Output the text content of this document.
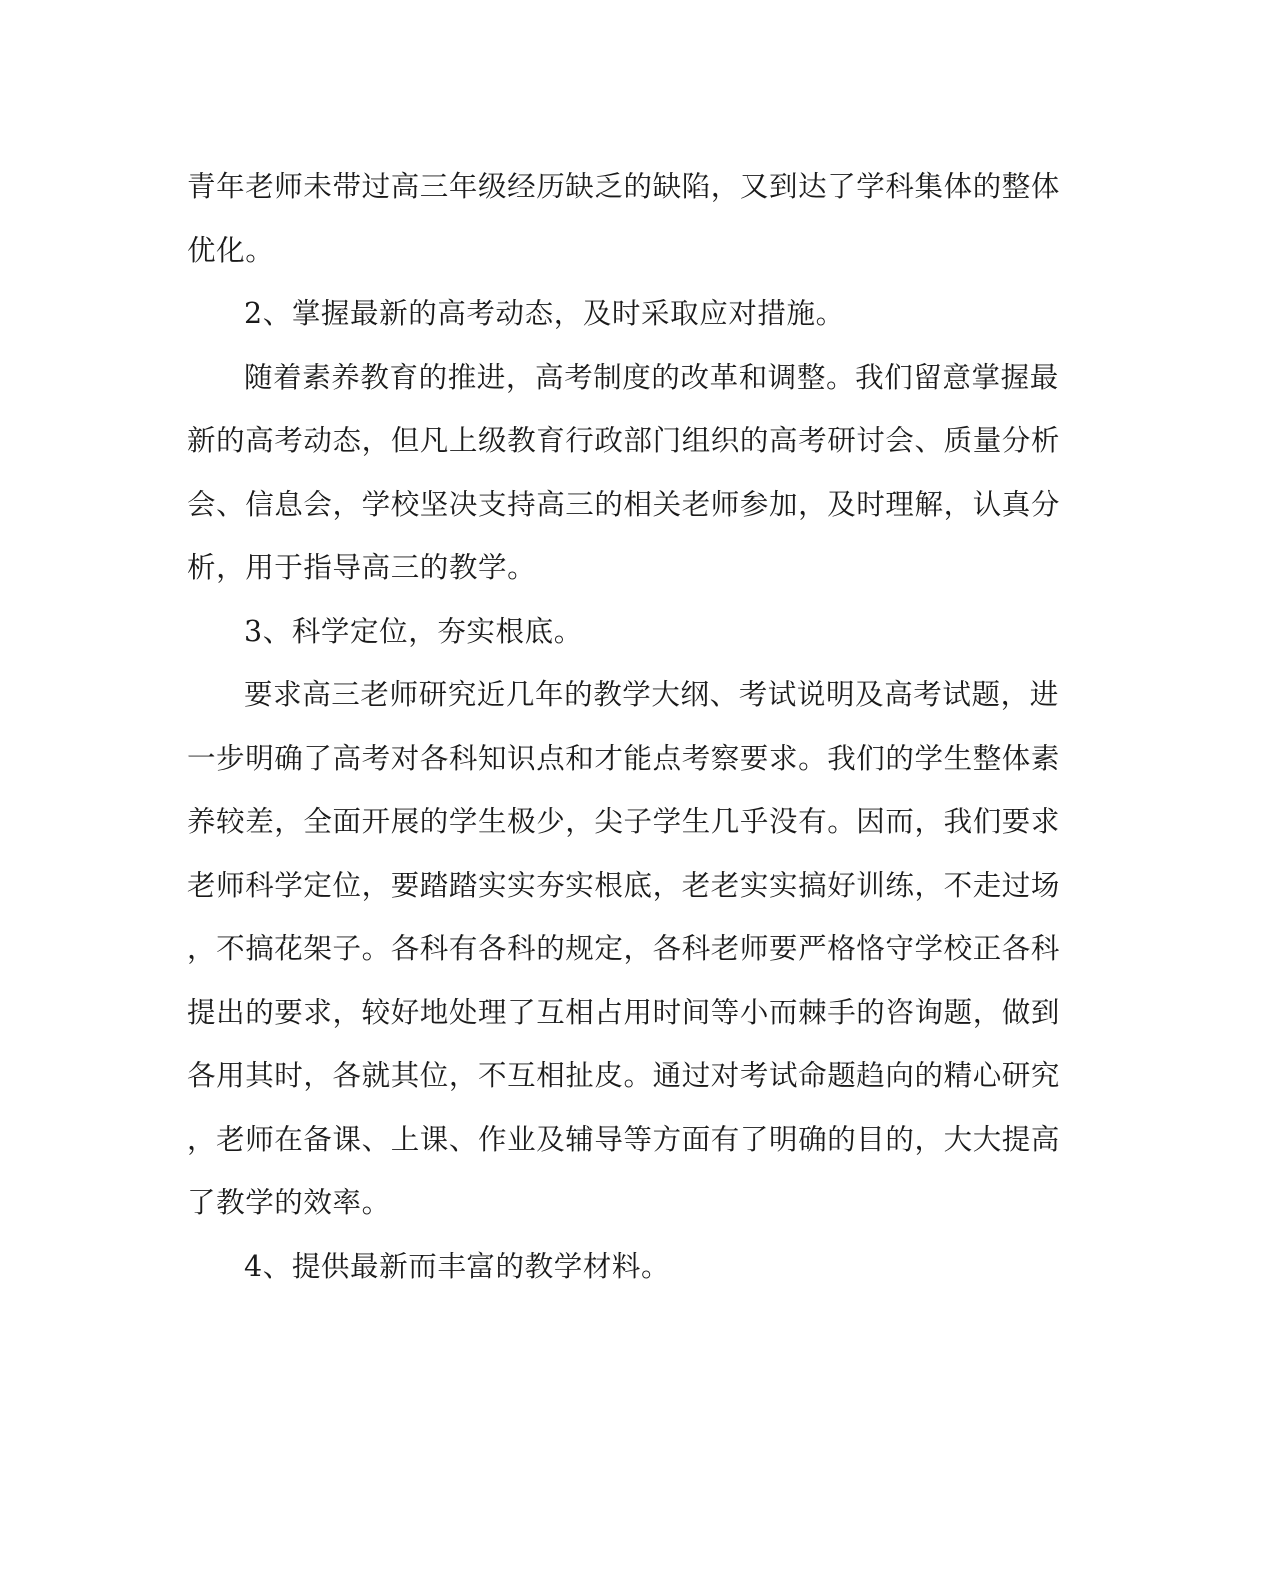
青年老师未带过高三年级经历缺乏的缺陷，又到达了学科集体的整体
优化。
2、掌握最新的高考动态，及时采取应对措施。
随着素养教育的推进，高考制度的改革和调整。我们留意掌握最
新的高考动态，但凡上级教育行政部门组织的高考研讨会、质量分析
会、信息会，学校坚决支持高三的相关老师参加，及时理解，认真分
析，用于指导高三的教学。
3、科学定位，夯实根底。
要求高三老师研究近几年的教学大纲、考试说明及高考试题，进
一步明确了高考对各科知识点和才能点考察要求。我们的学生整体素
养较差，全面开展的学生极少，尖子学生几乎没有。因而，我们要求
老师科学定位，要踏踏实实夯实根底，老老实实搞好训练，不走过场
，不搞花架子。各科有各科的规定，各科老师要严格恪守学校正各科
提出的要求，较好地处理了互相占用时间等小而棘手的咨询题，做到
各用其时，各就其位，不互相扯皮。通过对考试命题趋向的精心研究
，老师在备课、上课、作业及辅导等方面有了明确的目的，大大提高
了教学的效率。
4、提供最新而丰富的教学材料。
